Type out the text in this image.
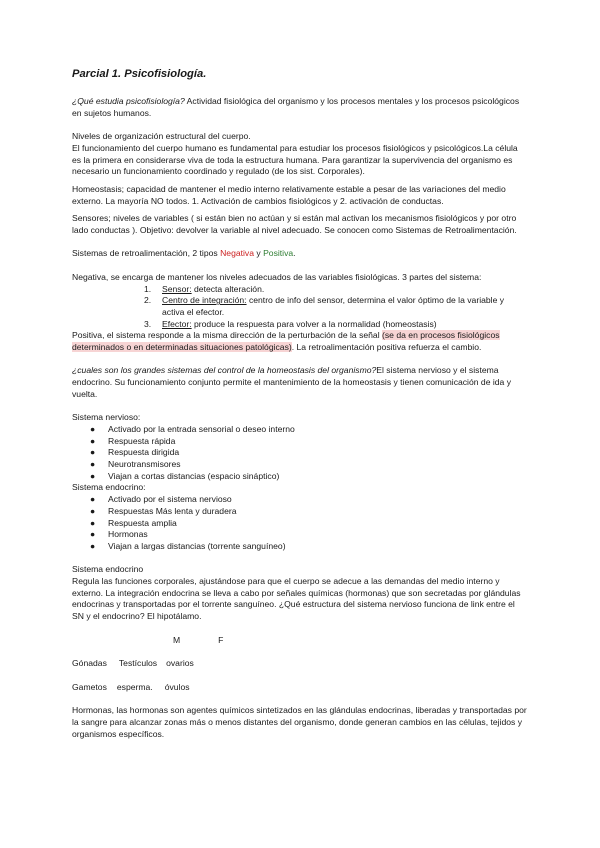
Parcial 1. Psicofisiología.

¿Qué estudia psicofisiología? Actividad fisiológica del organismo y los procesos mentales y los procesos psicológicos en sujetos humanos.

Niveles de organización estructural del cuerpo.

El funcionamiento del cuerpo humano es fundamental para estudiar los procesos fisiológicos y psicológicos.La célula es la primera en considerarse viva de toda la estructura humana. Para garantizar la supervivencia del organismo es necesario un funcionamiento coordinado y regulado (de los sist. Corporales).

Homeostasis; capacidad de mantener el medio interno relativamente estable a pesar de las variaciones del medio externo. La mayoría NO todos. 1. Activación de cambios fisiológicos y 2. activación de conductas.

Sensores; niveles de variables ( si están bien no actúan y si están mal activan los mecanismos fisiológicos y por otro lado conductas ). Objetivo: devolver la variable al nivel adecuado. Se conocen como Sistemas de Retroalimentación.

Sistemas de retroalimentación, 2 tipos Negativa y Positiva.

Negativa, se encarga de mantener los niveles adecuados de las variables fisiológicas. 3 partes del sistema:

1. Sensor: detecta alteración.
2. Centro de integración: centro de info del sensor, determina el valor óptimo de la variable y activa el efector.
3. Efector: produce la respuesta para volver a la normalidad (homeostasis)

Positiva, el sistema responde a la misma dirección de la perturbación de la señal (se da en procesos fisiológicos determinados o en determinadas situaciones patológicas). La retroalimentación positiva refuerza el cambio.

¿cuales son los grandes sistemas del control de la homeostasis del organismo?El sistema nervioso y el sistema endocrino. Su funcionamiento conjunto permite el mantenimiento de la homeostasis y tienen comunicación de ida y vuelta.

Sistema nervioso:

● Activado por la entrada sensorial o deseo interno
● Respuesta rápida
● Respuesta dirigida
● Neurotransmisores
● Viajan a cortas distancias (espacio sináptico)

Sistema endocrino:

● Activado por el sistema nervioso
● Respuestas Más lenta y duradera
● Respuesta amplia
● Hormonas
● Viajan a largas distancias (torrente sanguíneo)

Sistema endocrino

Regula las funciones corporales, ajustándose para que el cuerpo se adecue a las demandas del medio interno y externo. La integración endocrina se lleva a cabo por señales químicas (hormonas) que son secretadas por glándulas endocrinas y transportadas por el torrente sanguíneo. ¿Qué estructura del sistema nervioso funciona de link entre el SN y el endocrino? El hipotálamo.

M	F
Gónadas Testículos ovarios
Gametos esperma. óvulos

Hormonas, las hormonas son agentes químicos sintetizados en las glándulas endocrinas, liberadas y transportadas por la sangre para alcanzar zonas más o menos distantes del organismo, donde generan cambios en las células, tejidos y organismos específicos.
